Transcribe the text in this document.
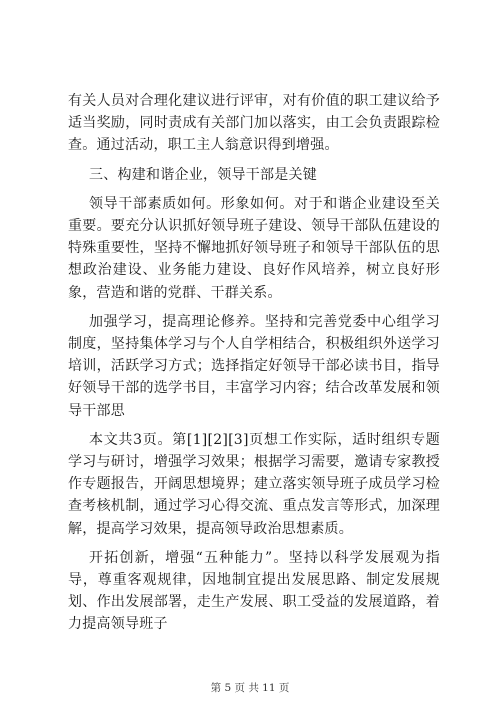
有关人员对合理化建议进行评审，对有价值的职工建议给予适当奖励，同时责成有关部门加以落实，由工会负责跟踪检查。通过活动，职工主人翁意识得到增强。

三、构建和谐企业，领导干部是关键

领导干部素质如何。形象如何。对于和谐企业建设至关重要。要充分认识抓好领导班子建设、领导干部队伍建设的特殊重要性，坚持不懈地抓好领导班子和领导干部队伍的思想政治建设、业务能力建设、良好作风培养，树立良好形象，营造和谐的党群、干群关系。

加强学习，提高理论修养。坚持和完善党委中心组学习制度，坚持集体学习与个人自学相结合，积极组织外送学习培训，活跃学习方式；选择指定好领导干部必读书目，指导好领导干部的选学书目，丰富学习内容；结合改革发展和领导干部思

本文共3页。第[1][2][3]页想工作实际，适时组织专题学习与研讨，增强学习效果；根据学习需要，邀请专家教授作专题报告，开阔思想境界；建立落实领导班子成员学习检查考核机制，通过学习心得交流、重点发言等形式，加深理解，提高学习效果，提高领导政治思想素质。

开拓创新，增强“五种能力”。坚持以科学发展观为指导，尊重客观规律，因地制宜提出发展思路、制定发展规划、作出发展部署，走生产发展、职工受益的发展道路，着力提高领导班子

第 5 页 共 11 页
